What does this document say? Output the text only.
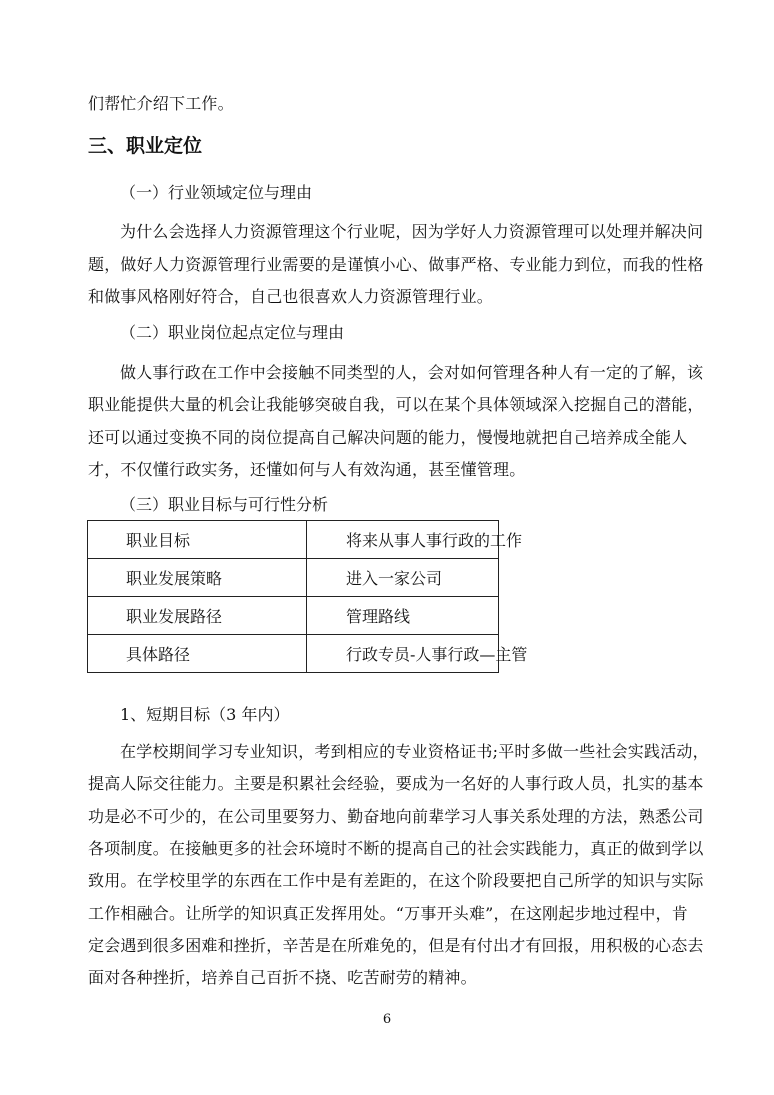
们帮忙介绍下工作。
三、职业定位
（一）行业领域定位与理由
为什么会选择人力资源管理这个行业呢，因为学好人力资源管理可以处理并解决问
题，做好人力资源管理行业需要的是谨慎小心、做事严格、专业能力到位，而我的性格
和做事风格刚好符合，自己也很喜欢人力资源管理行业。
（二）职业岗位起点定位与理由
做人事行政在工作中会接触不同类型的人，会对如何管理各种人有一定的了解，该
职业能提供大量的机会让我能够突破自我，可以在某个具体领域深入挖掘自己的潜能，
还可以通过变换不同的岗位提高自己解决问题的能力，慢慢地就把自己培养成全能人
才，不仅懂行政实务，还懂如何与人有效沟通，甚至懂管理。
（三）职业目标与可行性分析
职业目标	将来从事人事行政的工作
职业发展策略	进入一家公司
职业发展路径	管理路线
具体路径	行政专员-人事行政—主管
1、短期目标（3 年内）
在学校期间学习专业知识，考到相应的专业资格证书;平时多做一些社会实践活动，
提高人际交往能力。主要是积累社会经验，要成为一名好的人事行政人员，扎实的基本
功是必不可少的，在公司里要努力、勤奋地向前辈学习人事关系处理的方法，熟悉公司
各项制度。在接触更多的社会环境时不断的提高自己的社会实践能力，真正的做到学以
致用。在学校里学的东西在工作中是有差距的，在这个阶段要把自己所学的知识与实际
工作相融合。让所学的知识真正发挥用处。“万事开头难”，在这刚起步地过程中，肯
定会遇到很多困难和挫折，辛苦是在所难免的，但是有付出才有回报，用积极的心态去
面对各种挫折，培养自己百折不挠、吃苦耐劳的精神。
6
